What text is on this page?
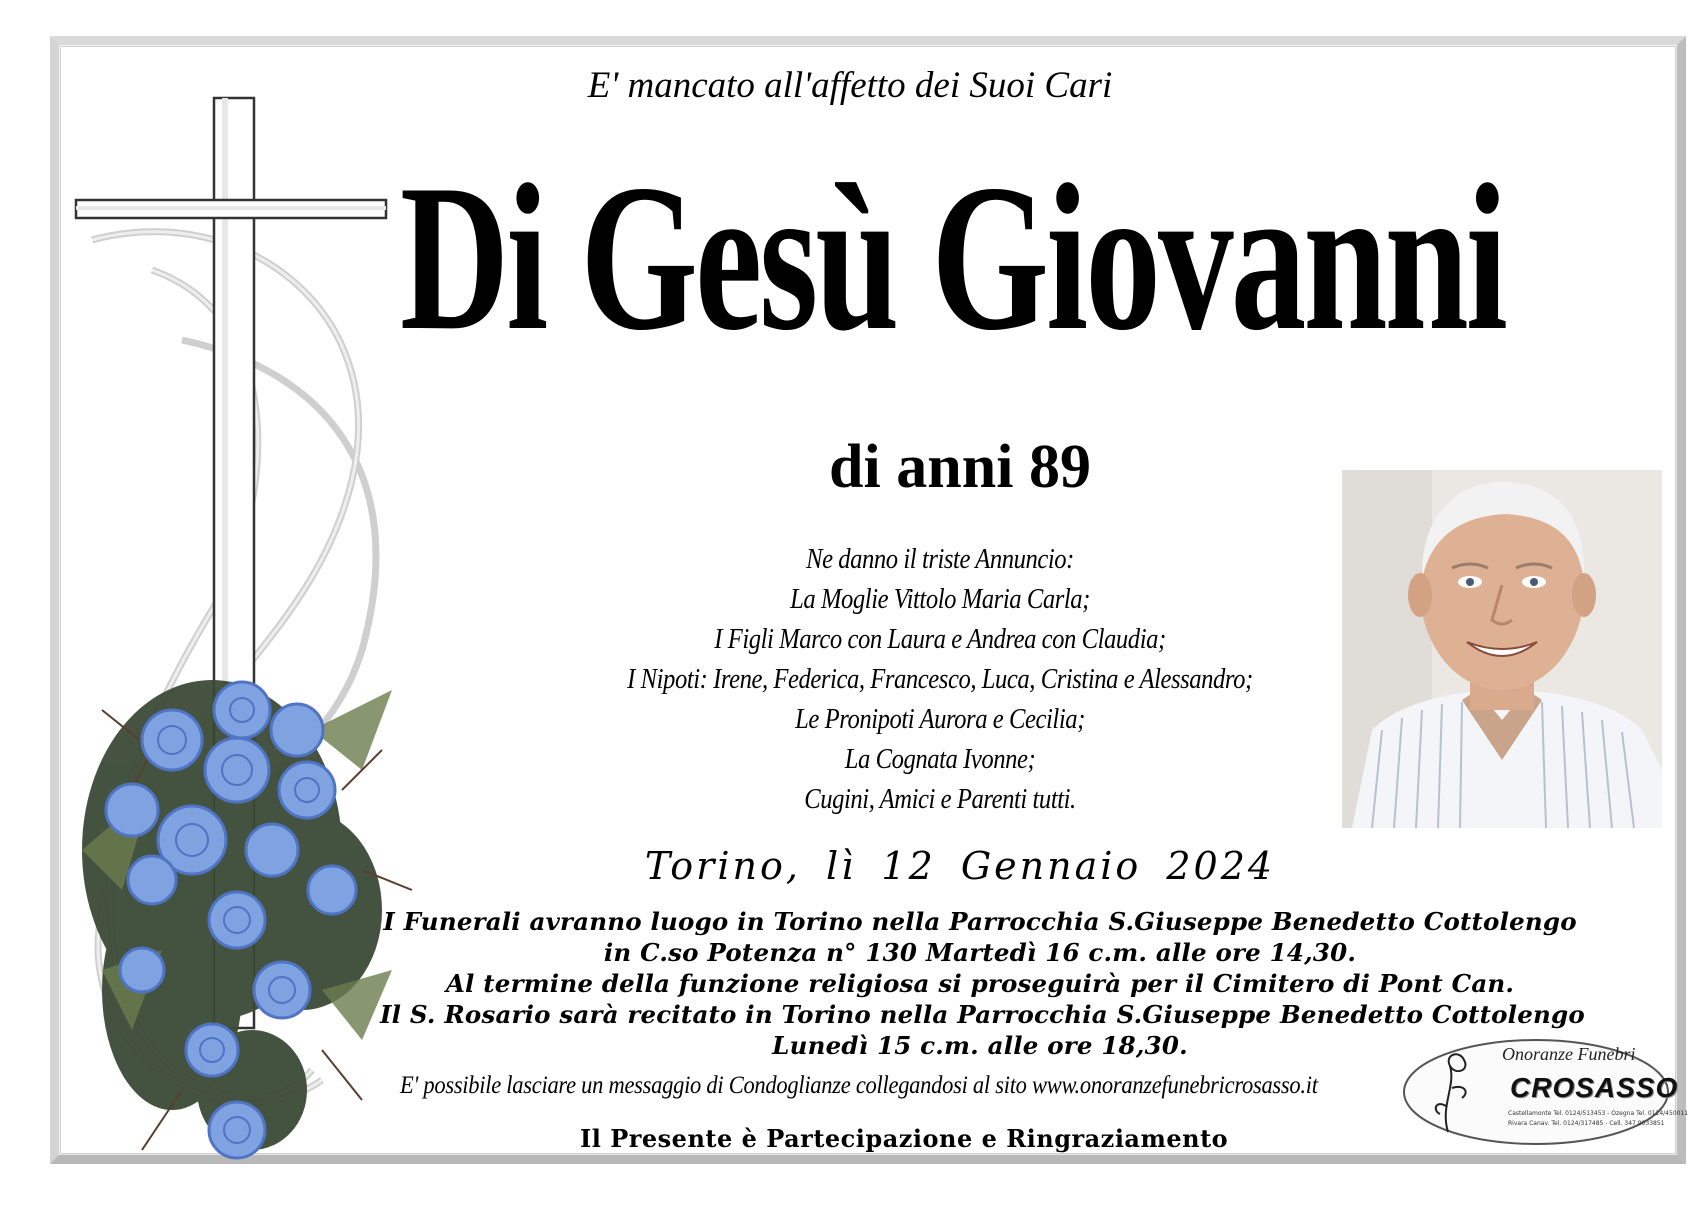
E' mancato all'affetto dei Suoi Cari
Di Gesù Giovanni
di anni 89
Ne danno il triste Annuncio:
La Moglie Vittolo Maria Carla;
I Figli Marco con Laura e Andrea con Claudia;
I Nipoti: Irene, Federica, Francesco, Luca, Cristina e Alessandro;
Le Pronipoti Aurora e Cecilia;
La Cognata Ivonne;
Cugini, Amici e Parenti tutti.
Torino, lì 12 Gennaio 2024
I Funerali avranno luogo in Torino nella Parrocchia S.Giuseppe Benedetto Cottolengo
in C.so Potenza n° 130 Martedì 16 c.m. alle ore 14,30.
Al termine della funzione religiosa si proseguirà per il Cimitero di Pont Can.
Il S. Rosario sarà recitato in Torino nella Parrocchia S.Giuseppe Benedetto Cottolengo
Lunedì 15 c.m. alle ore 18,30.
E' possibile lasciare un messaggio di Condoglianze collegandosi al sito www.onoranzefunebricrosasso.it
Il Presente è Partecipazione e Ringraziamento
Onoranze Funebri
CROSASSO
Castellamonte Tel. 0124/513453 - Ozegna Tel. 0124/450011
Rivara Canav. Tel. 0124/317485 - Cell. 347 9033851
